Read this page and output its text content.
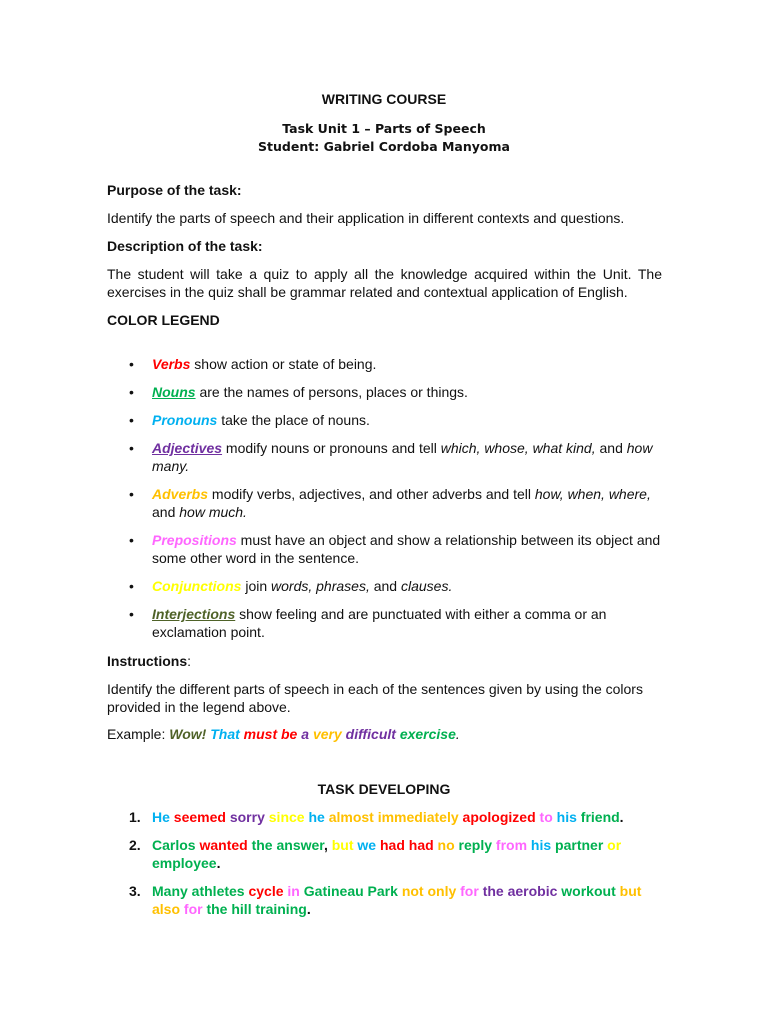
WRITING COURSE
Task Unit 1 – Parts of Speech
Student: Gabriel Cordoba Manyoma
Purpose of the task:
Identify the parts of speech and their application in different contexts and questions.
Description of the task:
The student will take a quiz to apply all the knowledge acquired within the Unit. The exercises in the quiz shall be grammar related and contextual application of English.
COLOR LEGEND
• Verbs show action or state of being.
• Nouns are the names of persons, places or things.
• Pronouns take the place of nouns.
• Adjectives modify nouns or pronouns and tell which, whose, what kind, and how many.
• Adverbs modify verbs, adjectives, and other adverbs and tell how, when, where, and how much.
• Prepositions must have an object and show a relationship between its object and some other word in the sentence.
• Conjunctions join words, phrases, and clauses.
• Interjections show feeling and are punctuated with either a comma or an exclamation point.
Instructions:
Identify the different parts of speech in each of the sentences given by using the colors provided in the legend above.
Example: Wow! That must be a very difficult exercise.
TASK DEVELOPING
1. He seemed sorry since he almost immediately apologized to his friend.
2. Carlos wanted the answer, but we had had no reply from his partner or employee.
3. Many athletes cycle in Gatineau Park not only for the aerobic workout but also for the hill training.
